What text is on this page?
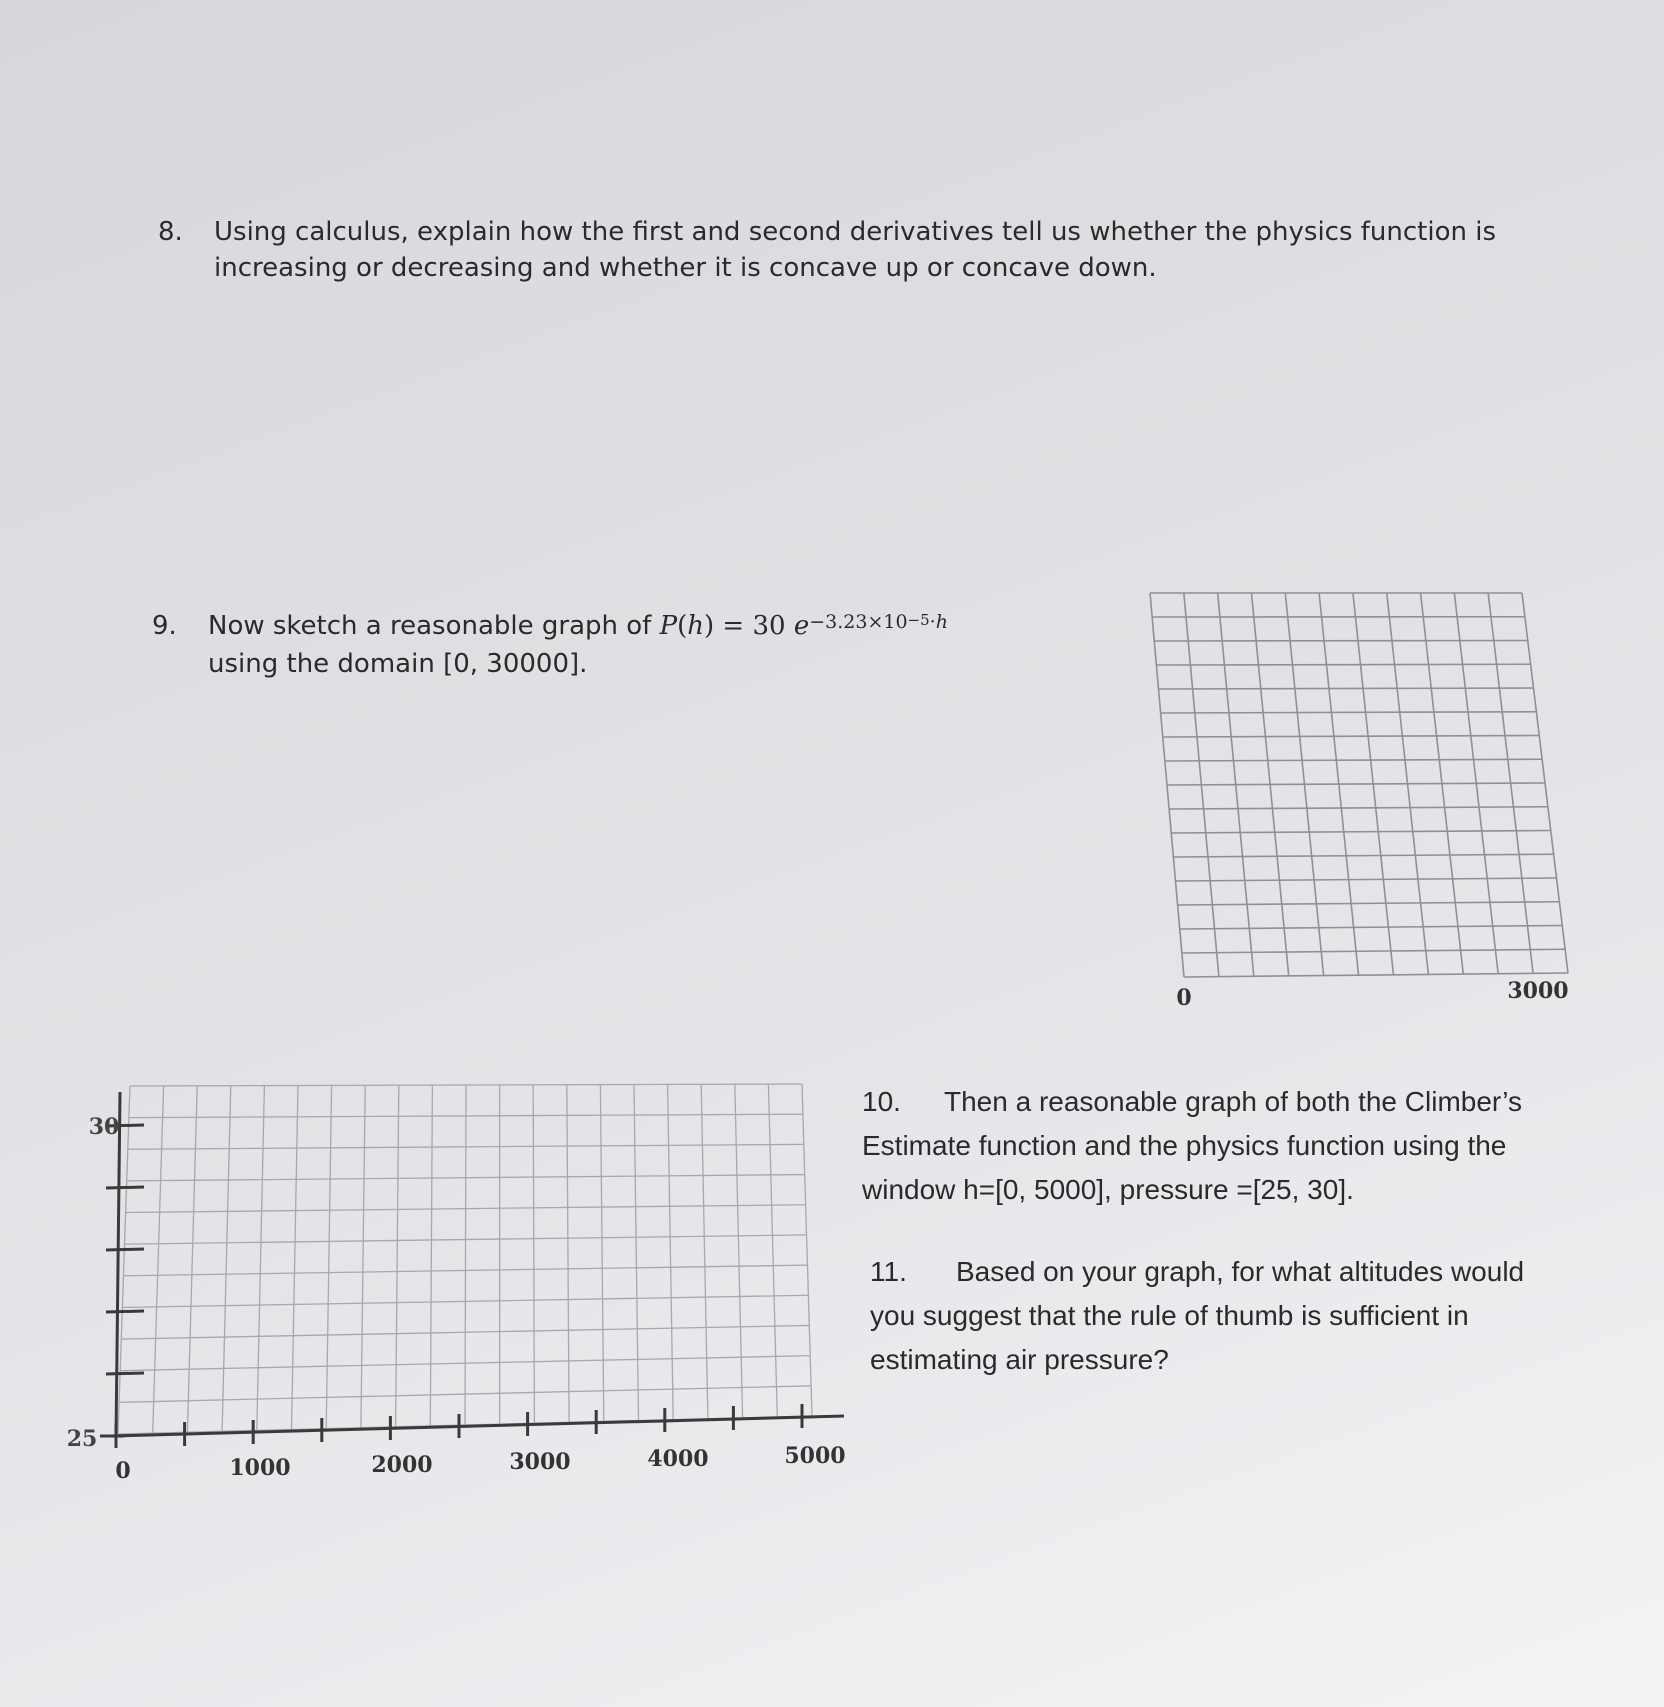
8. Using calculus, explain how the first and second derivatives tell us whether the physics function is
increasing or decreasing and whether it is concave up or concave down.
9. Now sketch a reasonable graph of P(h) = 30 $e^{-3.23\times 10^{-5}\cdot h}$
using the domain [0, 30000].
0	3000
30
25
0	1000	2000	3000	4000	5000
10.	Then a reasonable graph of both the Climber’s
Estimate function and the physics function using the
window h=[0, 5000], pressure =[25, 30].
11.	Based on your graph, for what altitudes would
you suggest that the rule of thumb is sufficient in
estimating air pressure?
